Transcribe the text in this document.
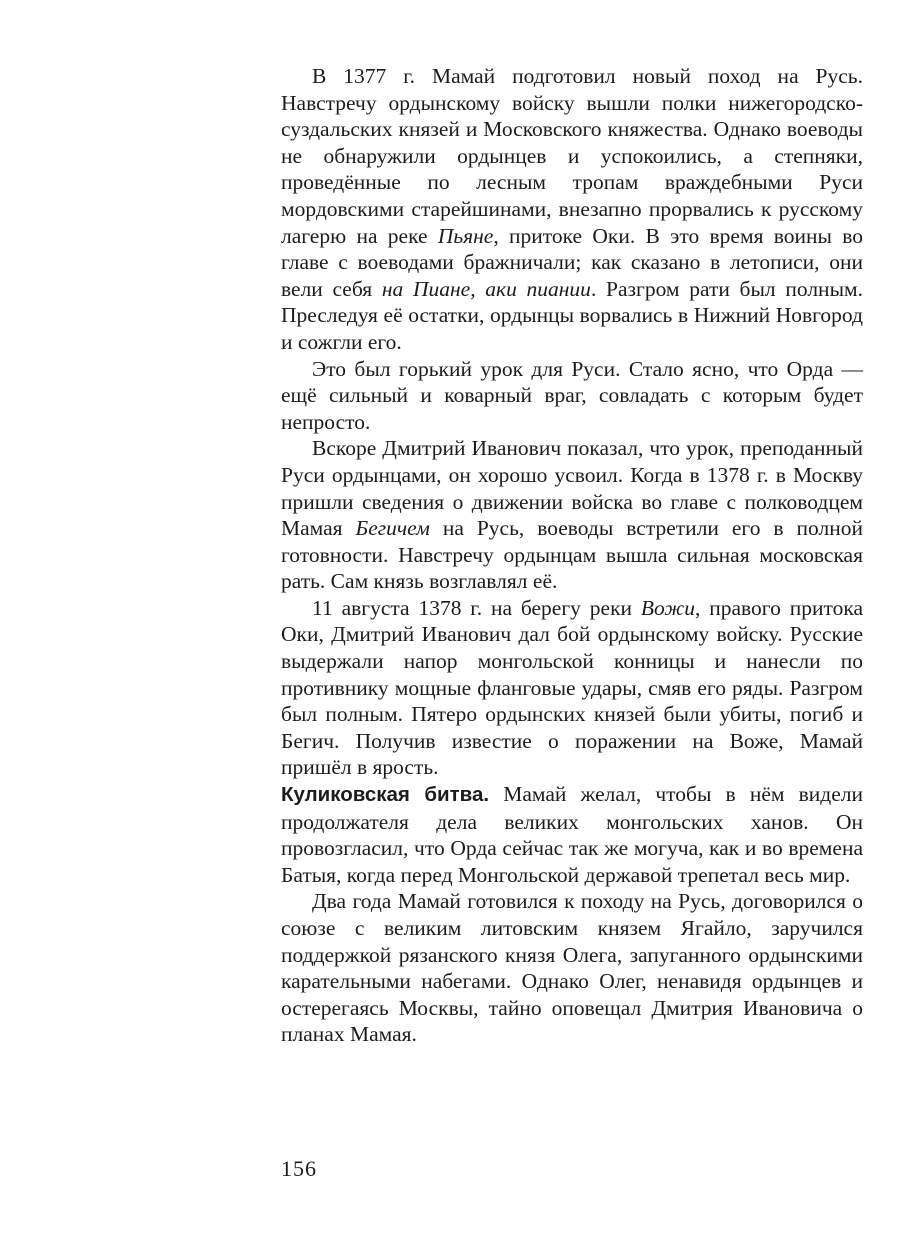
В 1377 г. Мамай подготовил новый поход на Русь. Навстречу ордынскому войску вышли полки нижегородско-суздальских князей и Московского княжества. Однако воеводы не обнаружили ордынцев и успокоились, а степняки, проведённые по лесным тропам враждебными Руси мордовскими старейшинами, внезапно прорвались к русскому лагерю на реке Пьяне, притоке Оки. В это время воины во главе с воеводами бражничали; как сказано в летописи, они вели себя на Пиане, аки пиании. Разгром рати был полным. Преследуя её остатки, ордынцы ворвались в Нижний Новгород и сожгли его.

Это был горький урок для Руси. Стало ясно, что Орда — ещё сильный и коварный враг, совладать с которым будет непросто.

Вскоре Дмитрий Иванович показал, что урок, преподанный Руси ордынцами, он хорошо усвоил. Когда в 1378 г. в Москву пришли сведения о движении войска во главе с полководцем Мамая Бегичем на Русь, воеводы встретили его в полной готовности. Навстречу ордынцам вышла сильная московская рать. Сам князь возглавлял её.

11 августа 1378 г. на берегу реки Вожи, правого притока Оки, Дмитрий Иванович дал бой ордынскому войску. Русские выдержали напор монгольской конницы и нанесли по противнику мощные фланговые удары, смяв его ряды. Разгром был полным. Пятеро ордынских князей были убиты, погиб и Бегич. Получив известие о поражении на Воже, Мамай пришёл в ярость.

Куликовская битва. Мамай желал, чтобы в нём видели продолжателя дела великих монгольских ханов. Он провозгласил, что Орда сейчас так же могуча, как и во времена Батыя, когда перед Монгольской державой трепетал весь мир.

Два года Мамай готовился к походу на Русь, договорился о союзе с великим литовским князем Ягайло, заручился поддержкой рязанского князя Олега, запуганного ордынскими карательными набегами. Однако Олег, ненавидя ордынцев и остерегаясь Москвы, тайно оповещал Дмитрия Ивановича о планах Мамая.

156
